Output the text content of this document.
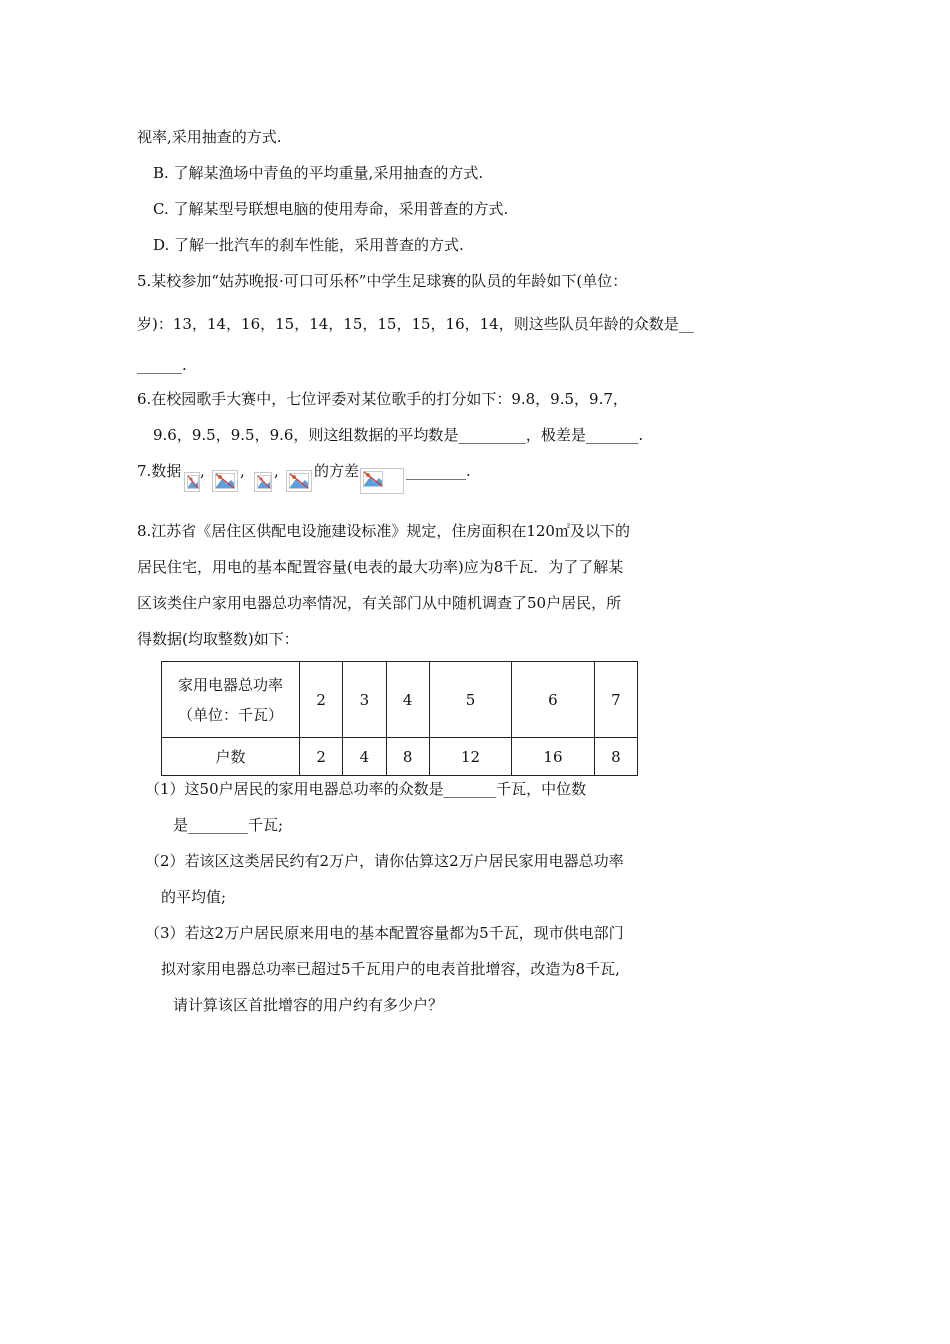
视率,采用抽查的方式.
B. 了解某渔场中青鱼的平均重量,采用抽查的方式.
C. 了解某型号联想电脑的使用寿命，采用普查的方式.
D. 了解一批汽车的刹车性能，采用普查的方式.
5.某校参加“姑苏晚报·可口可乐杯”中学生足球赛的队员的年龄如下(单位：
岁)：13，14，16，15，14，15，15，15，16，14，则这些队员年龄的众数是__
______.
6.在校园歌手大赛中，七位评委对某位歌手的打分如下：9.8，9.5，9.7，
9.6，9.5，9.5，9.6，则这组数据的平均数是_________，极差是_______.
7.数据 , , , 的方差	________.
8.江苏省《居住区供配电设施建设标准》规定，住房面积在120㎡及以下的
居民住宅，用电的基本配置容量(电表的最大功率)应为8千瓦．为了了解某
区该类住户家用电器总功率情况，有关部门从中随机调查了50户居民，所
得数据(均取整数)如下：
家用电器总功率
（单位：千瓦）	2	3	4	5	6	7
户数	2	4	8	12	16	8
（1）这50户居民的家用电器总功率的众数是_______千瓦，中位数
是________千瓦;
（2）若该区这类居民约有2万户，请你估算这2万户居民家用电器总功率
的平均值;
（3）若这2万户居民原来用电的基本配置容量都为5千瓦，现市供电部门
拟对家用电器总功率已超过5千瓦用户的电表首批增容，改造为8千瓦,
请计算该区首批增容的用户约有多少户？
